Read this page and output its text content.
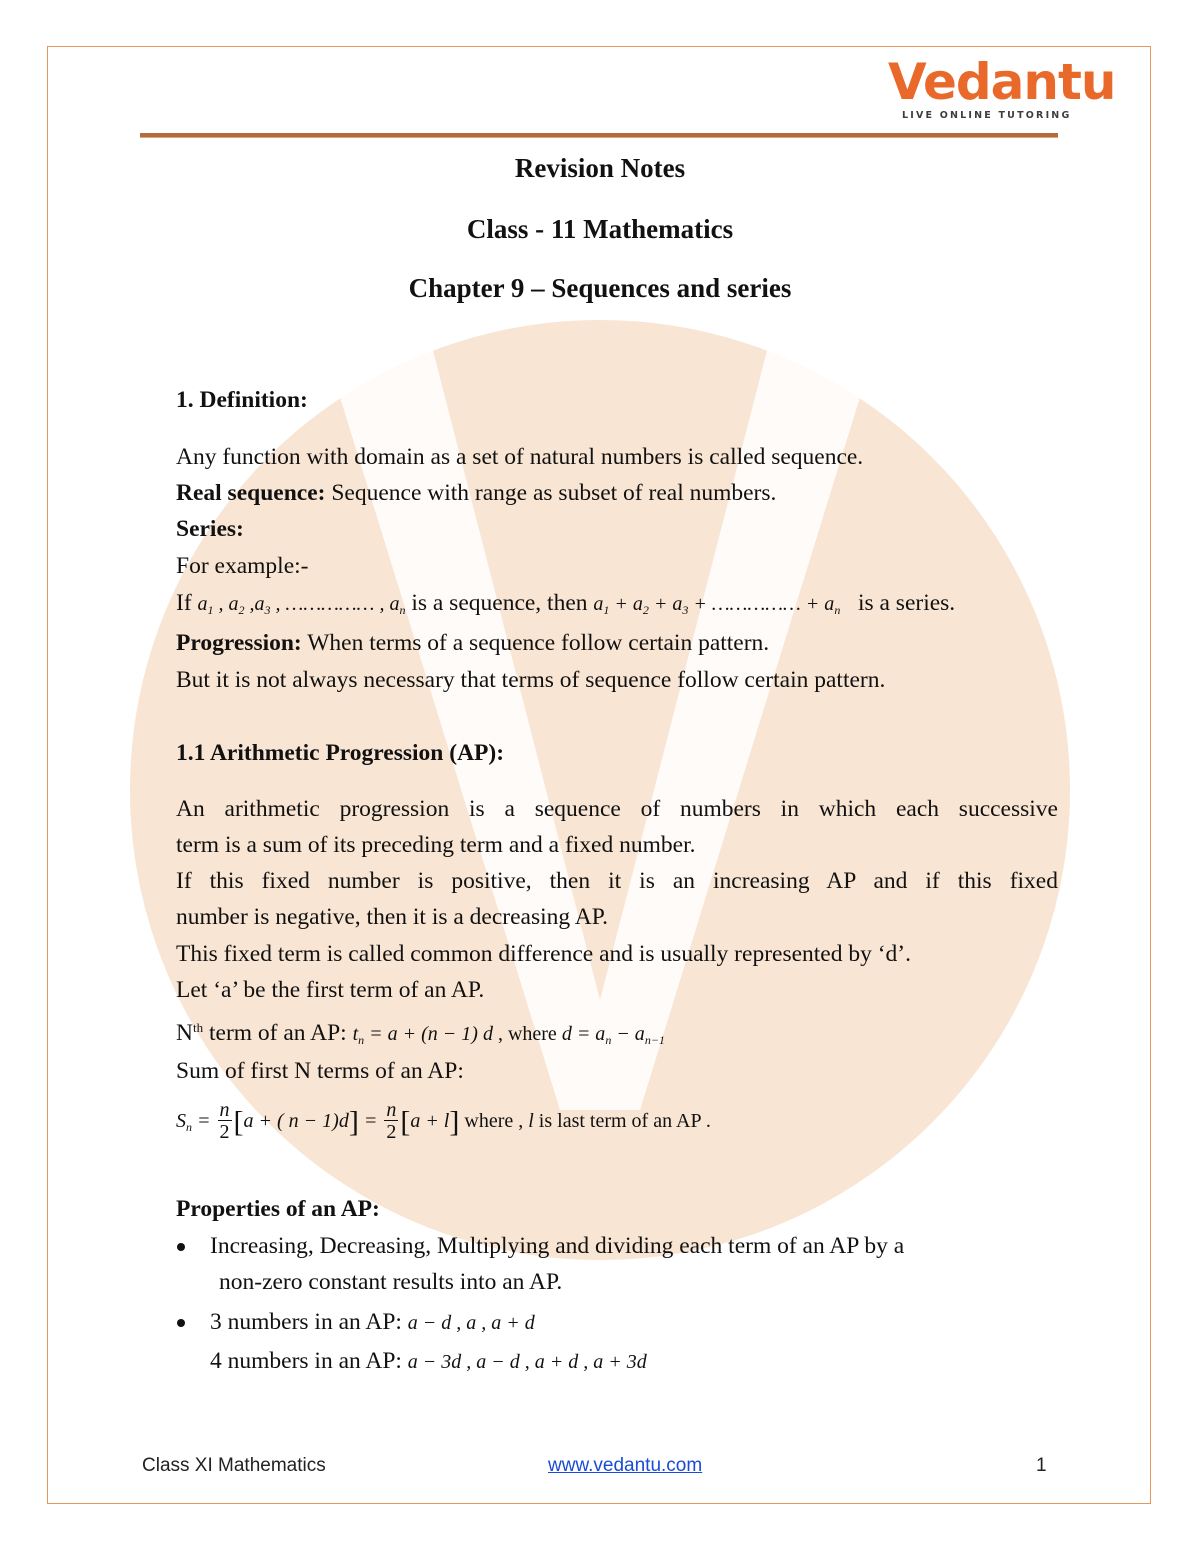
Vedantu
LIVE ONLINE TUTORING
Revision Notes
Class - 11 Mathematics
Chapter 9 – Sequences and series
1. Definition:
Any function with domain as a set of natural numbers is called sequence.
Real sequence: Sequence with range as subset of real numbers.
Series:
For example:-
If $a_1$ , $a_2$ $,a_3$ , …………… , $a_n$ is a sequence, then $a_1 + a_2 + a_3$ + …………… + $a_n$   is a series.
Progression: When terms of a sequence follow certain pattern.
But it is not always necessary that terms of sequence follow certain pattern.
1.1 Arithmetic Progression (AP):
An arithmetic progression is a sequence of numbers in which each successive
term is a sum of its preceding term and a fixed number.
If this fixed number is positive, then it is an increasing AP and if this fixed
number is negative, then it is a decreasing AP.
This fixed term is called common difference and is usually represented by ‘d’.
Let ‘a’ be the first term of an AP.
$N^{th}$ term of an AP: $t_n = a + (n - 1)$ d , where $d = a_n - a_{n-1}$
Sum of first N terms of an AP:
$S_n = \frac{n}{2} [a$ + ( $n - 1)d] = \frac{n}{2} [a + l]$ where , l is last term of an AP .
Properties of an AP:
Increasing, Decreasing, Multiplying and dividing each term of an AP by a
non-zero constant results into an AP.
3 numbers in an AP: a − d , a , a + d
4 numbers in an AP: a − 3d , a − d , a + d , a + 3d
Class XI Mathematics	www.vedantu.com	1
